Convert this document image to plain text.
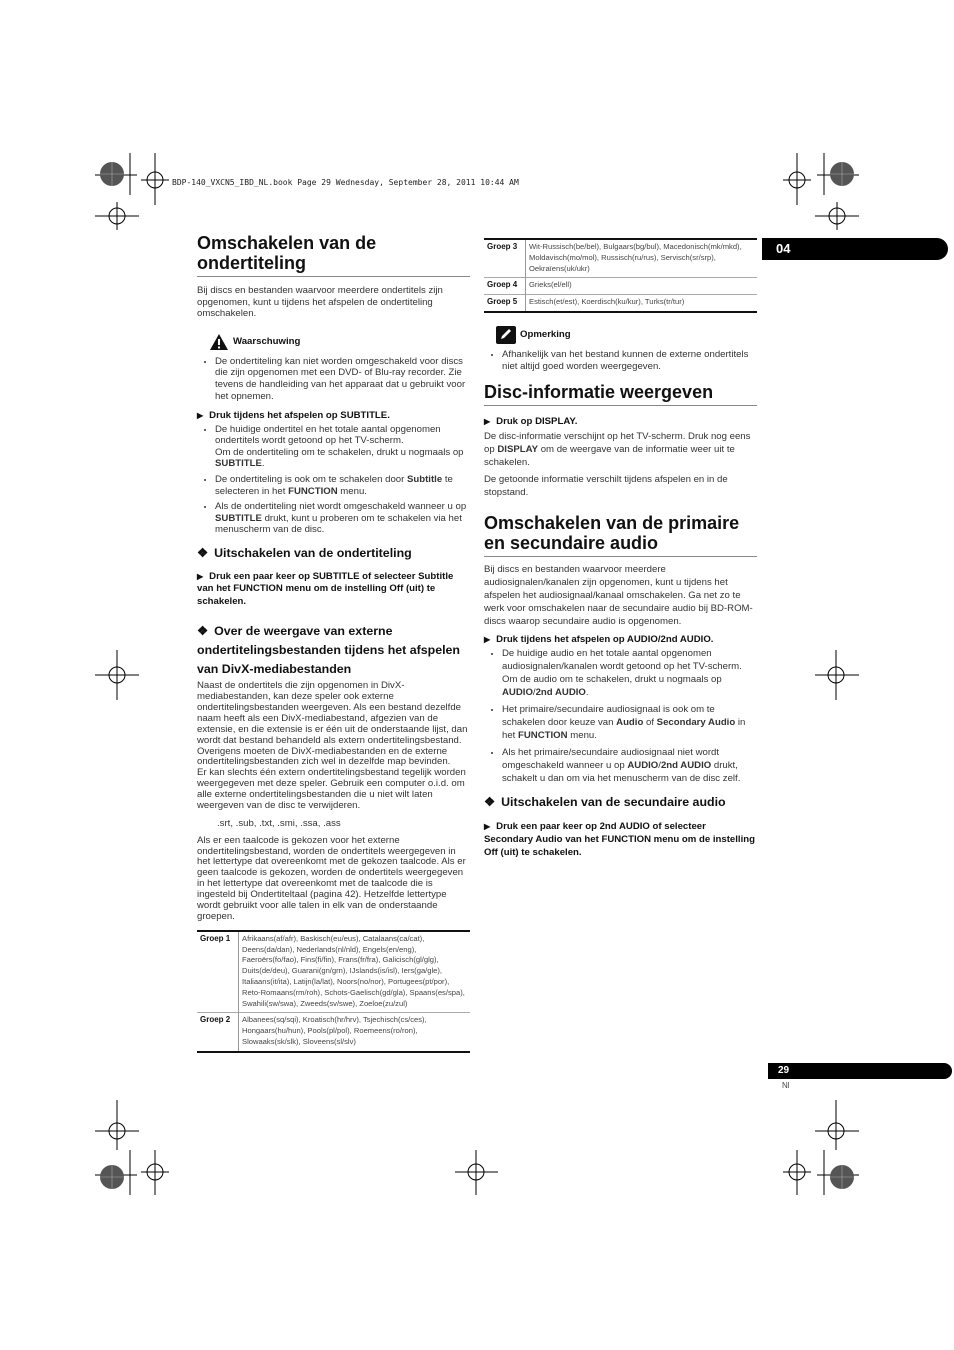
BDP-140_VXCN5_IBD_NL.book Page 29 Wednesday, September 28, 2011 10:44 AM
04
29
Nl
Omschakelen van de ondertiteling
Bij discs en bestanden waarvoor meerdere ondertitels zijn opgenomen, kunt u tijdens het afspelen de ondertiteling omschakelen.
Waarschuwing
• De ondertiteling kan niet worden omgeschakeld voor discs die zijn opgenomen met een DVD- of Blu-ray recorder. Zie tevens de handleiding van het apparaat dat u gebruikt voor het opnemen.
▶ Druk tijdens het afspelen op SUBTITLE.
• De huidige ondertitel en het totale aantal opgenomen ondertitels wordt getoond op het TV-scherm.
Om de ondertiteling om te schakelen, drukt u nogmaals op SUBTITLE.
• De ondertiteling is ook om te schakelen door Subtitle te selecteren in het FUNCTION menu.
• Als de ondertiteling niet wordt omgeschakeld wanneer u op SUBTITLE drukt, kunt u proberen om te schakelen via het menuscherm van de disc.
❖ Uitschakelen van de ondertiteling
▶ Druk een paar keer op SUBTITLE of selecteer Subtitle van het FUNCTION menu om de instelling Off (uit) te schakelen.
❖ Over de weergave van externe ondertitelingsbestanden tijdens het afspelen van DivX-mediabestanden
Naast de ondertitels die zijn opgenomen in DivX-mediabestanden, kan deze speler ook externe ondertitelingsbestanden weergeven. Als een bestand dezelfde naam heeft als een DivX-mediabestand, afgezien van de extensie, en die extensie is er één uit de onderstaande lijst, dan wordt dat bestand behandeld als extern ondertitelingsbestand. Overigens moeten de DivX-mediabestanden en de externe ondertitelingsbestanden zich wel in dezelfde map bevinden.
Er kan slechts één extern ondertitelingsbestand tegelijk worden weergegeven met deze speler. Gebruik een computer o.i.d. om alle externe ondertitelingsbestanden die u niet wilt laten weergeven van de disc te verwijderen.
.srt, .sub, .txt, .smi, .ssa, .ass
Als er een taalcode is gekozen voor het externe ondertitelingsbestand, worden de ondertitels weergegeven in het lettertype dat overeenkomt met de gekozen taalcode. Als er geen taalcode is gekozen, worden de ondertitels weergegeven in het lettertype dat overeenkomt met de taalcode die is ingesteld bij Ondertiteltaal (pagina 42). Hetzelfde lettertype wordt gebruikt voor alle talen in elk van de onderstaande groepen.
Groep 1	Afrikaans(af/afr), Baskisch(eu/eus), Catalaans(ca/cat), Deens(da/dan), Nederlands(nl/nld), Engels(en/eng), Faeroërs(fo/fao), Fins(fi/fin), Frans(fr/fra), Galicisch(gl/glg), Duits(de/deu), Guarani(gn/grn), IJslands(is/isl), Iers(ga/gle), Italiaans(it/ita), Latijn(la/lat), Noors(no/nor), Portugees(pt/por), Reto-Romaans(rm/roh), Schots-Gaelisch(gd/gla), Spaans(es/spa), Swahili(sw/swa), Zweeds(sv/swe), Zoeloe(zu/zul)
Groep 2	Albanees(sq/sqi), Kroatisch(hr/hrv), Tsjechisch(cs/ces), Hongaars(hu/hun), Pools(pl/pol), Roemeens(ro/ron), Slowaaks(sk/slk), Sloveens(sl/slv)
Groep 3	Wit-Russisch(be/bel), Bulgaars(bg/bul), Macedonisch(mk/mkd), Moldavisch(mo/mol), Russisch(ru/rus), Servisch(sr/srp), Oekraïens(uk/ukr)
Groep 4	Grieks(el/ell)
Groep 5	Estisch(et/est), Koerdisch(ku/kur), Turks(tr/tur)
Opmerking
• Afhankelijk van het bestand kunnen de externe ondertitels niet altijd goed worden weergegeven.
Disc-informatie weergeven
▶ Druk op DISPLAY.
De disc-informatie verschijnt op het TV-scherm. Druk nog eens op DISPLAY om de weergave van de informatie weer uit te schakelen.
De getoonde informatie verschilt tijdens afspelen en in de stopstand.
Omschakelen van de primaire en secundaire audio
Bij discs en bestanden waarvoor meerdere audiosignalen/kanalen zijn opgenomen, kunt u tijdens het afspelen het audiosignaal/kanaal omschakelen. Ga net zo te werk voor omschakelen naar de secundaire audio bij BD-ROM-discs waarop secundaire audio is opgenomen.
▶ Druk tijdens het afspelen op AUDIO/2nd AUDIO.
• De huidige audio en het totale aantal opgenomen audiosignalen/kanalen wordt getoond op het TV-scherm.
Om de audio om te schakelen, drukt u nogmaals op AUDIO/2nd AUDIO.
• Het primaire/secundaire audiosignaal is ook om te schakelen door keuze van Audio of Secondary Audio in het FUNCTION menu.
• Als het primaire/secundaire audiosignaal niet wordt omgeschakeld wanneer u op AUDIO/2nd AUDIO drukt, schakelt u dan om via het menuscherm van de disc zelf.
❖ Uitschakelen van de secundaire audio
▶ Druk een paar keer op 2nd AUDIO of selecteer Secondary Audio van het FUNCTION menu om de instelling Off (uit) te schakelen.
